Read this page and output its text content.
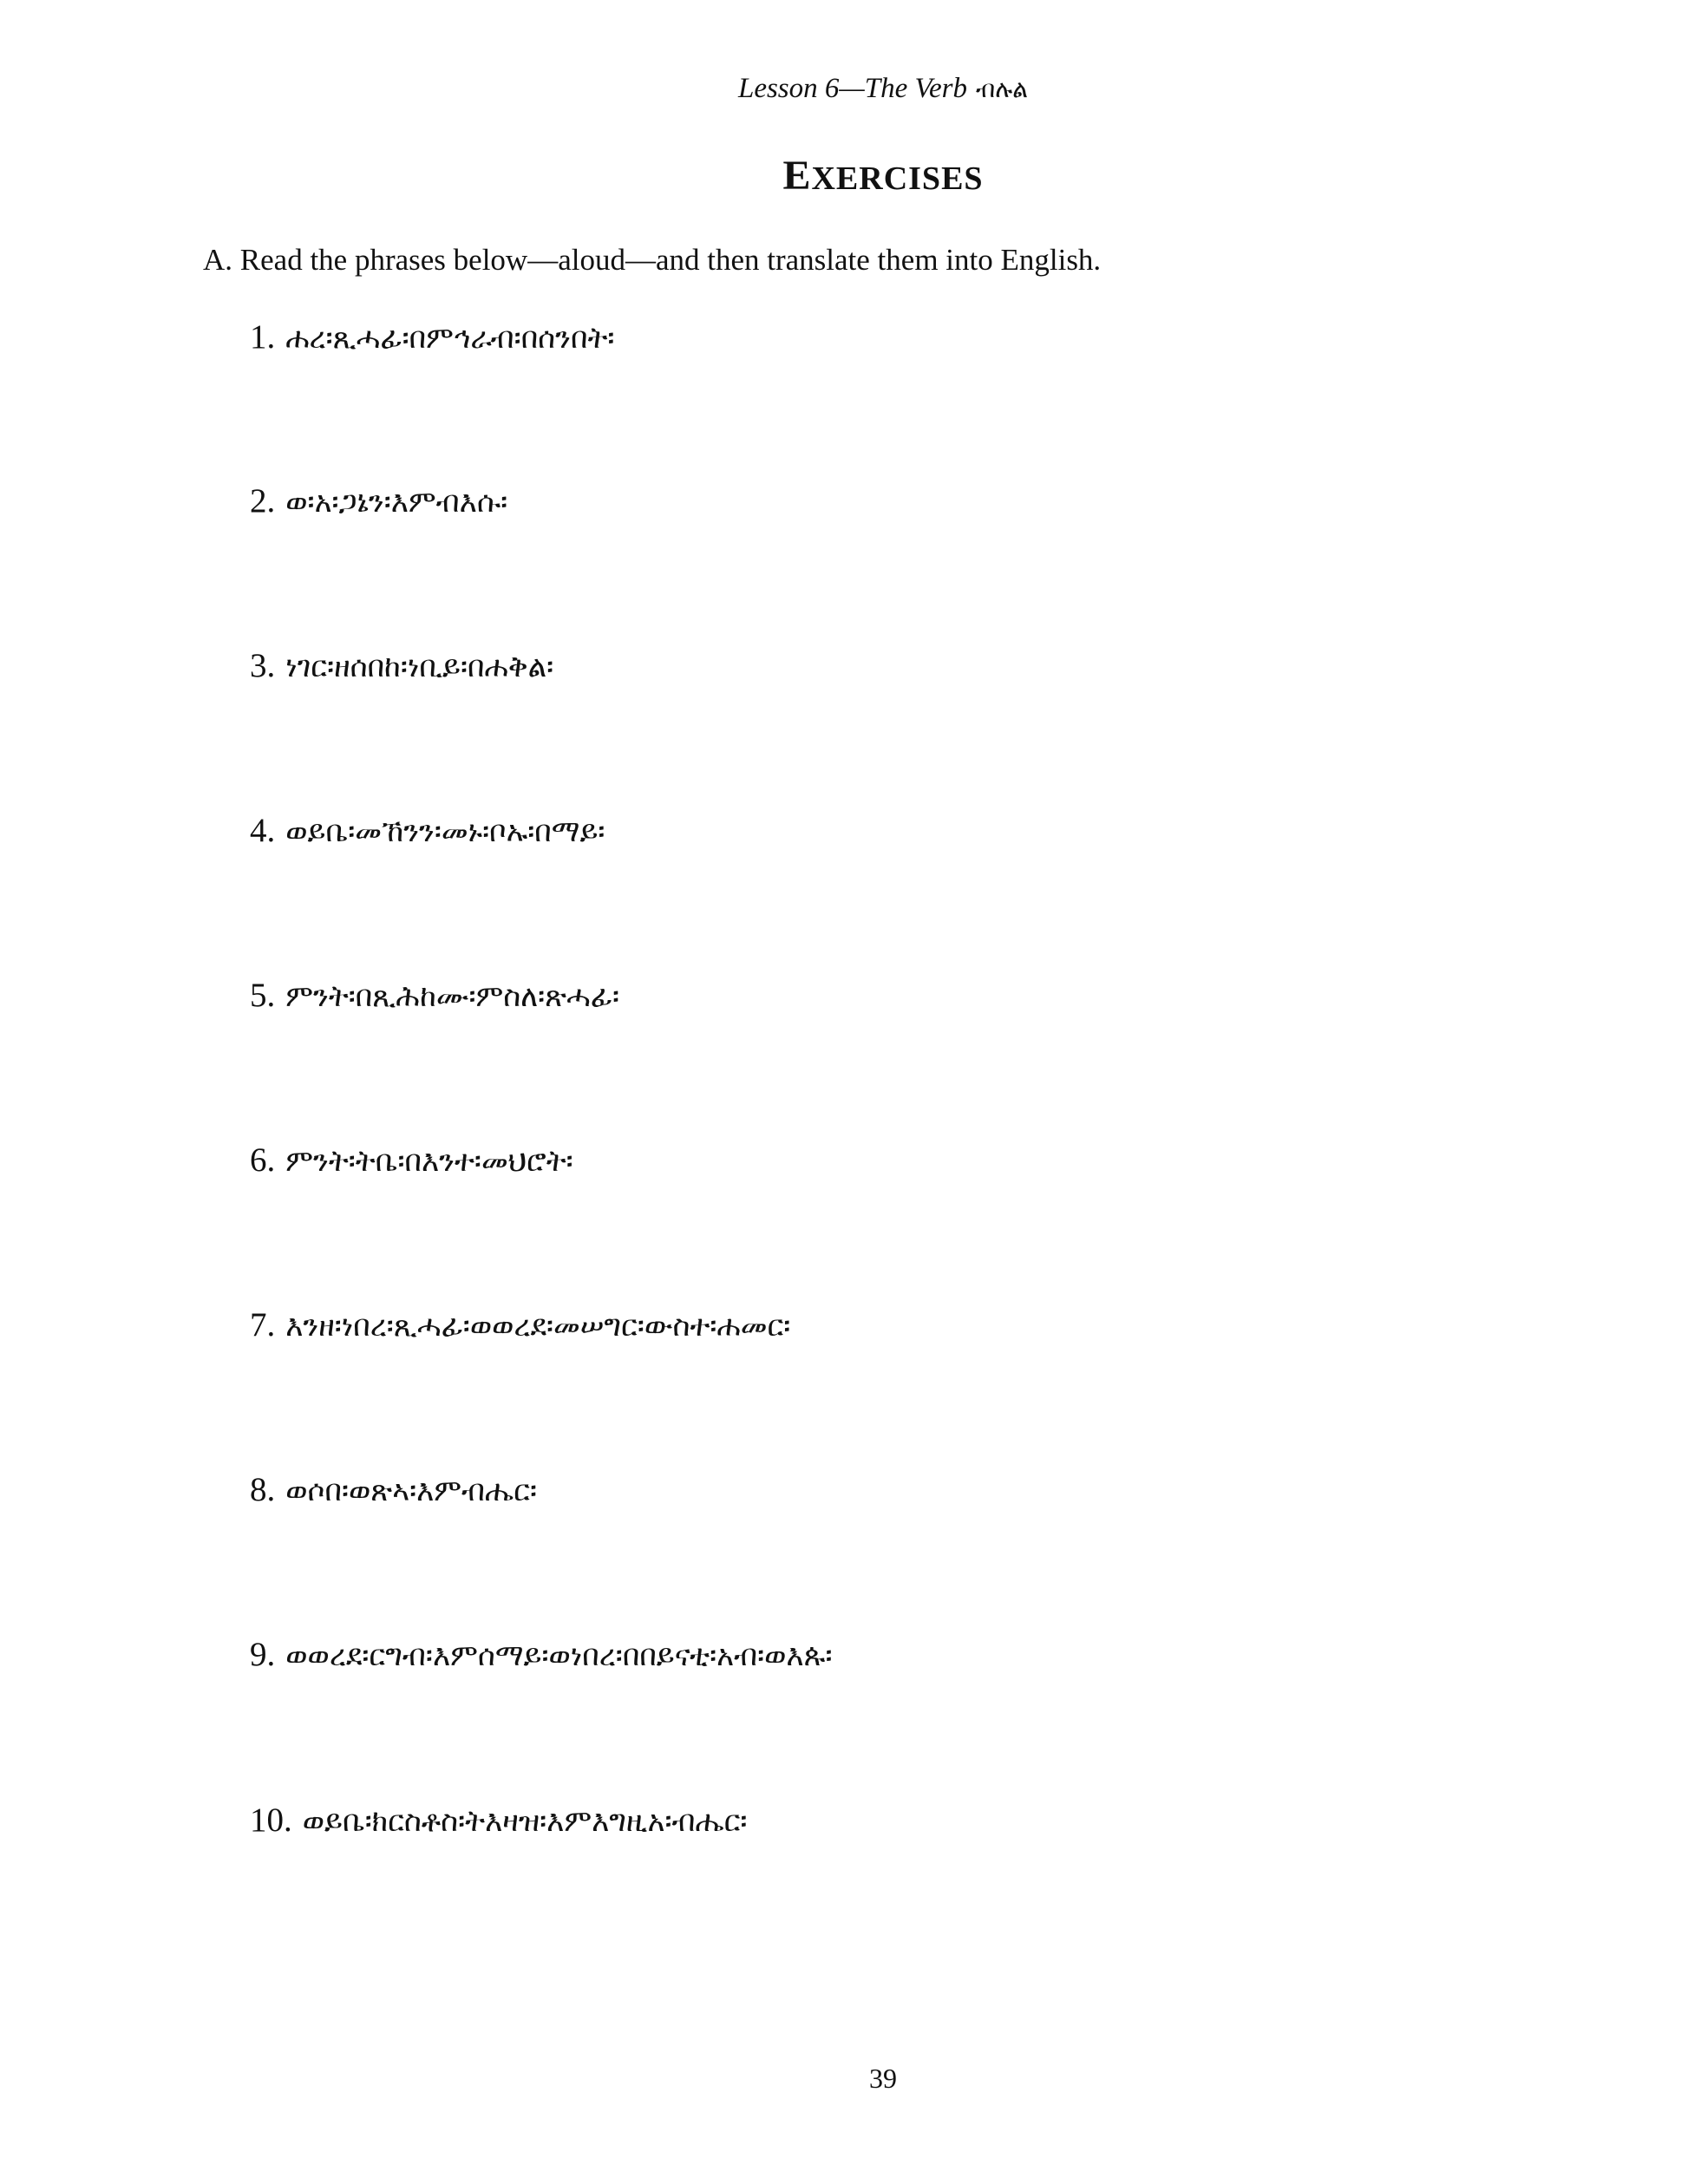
Lesson 6—The Verb ብሉል
EXERCISES
A. Read the phrases below—aloud—and then translate them into English.
1. ሐረ፡ጺሓፊ፡በምኅራብ፡በሰንበት፡
2. ወ፡አ፡ጋኔን፡እምብእሱ፡
3. ነገር፡ዘሰበከ፡ነቢይ፡በሐቅል፡
4. ወይቤ፡መኸንን፡መኑ፡ቦኡ፡በማይ፡
5. ምንት፡በጺሕከሙ፡ምስለ፡ጽሓፊ፡
6. ምንት፡ትቤ፡በእንተ፡መህሮት፡
7. እንዘ፡ነበረ፡ጺሓፊ፡ወወረደ፡መሠግር፡ውስተ፡ሐመር፡
8. ወሶበ፡ወጽኣ፡እምብሔር፡
9. ወወረደ፡ርግብ፡እምሰማይ፡ወነበረ፡በበይናቲ፡አብ፡ወእጱ፡
10. ወይቤ፡ክርስቶስ፡ትእዛዝ፡እምእግዚአ፡ብሔር፡
39
